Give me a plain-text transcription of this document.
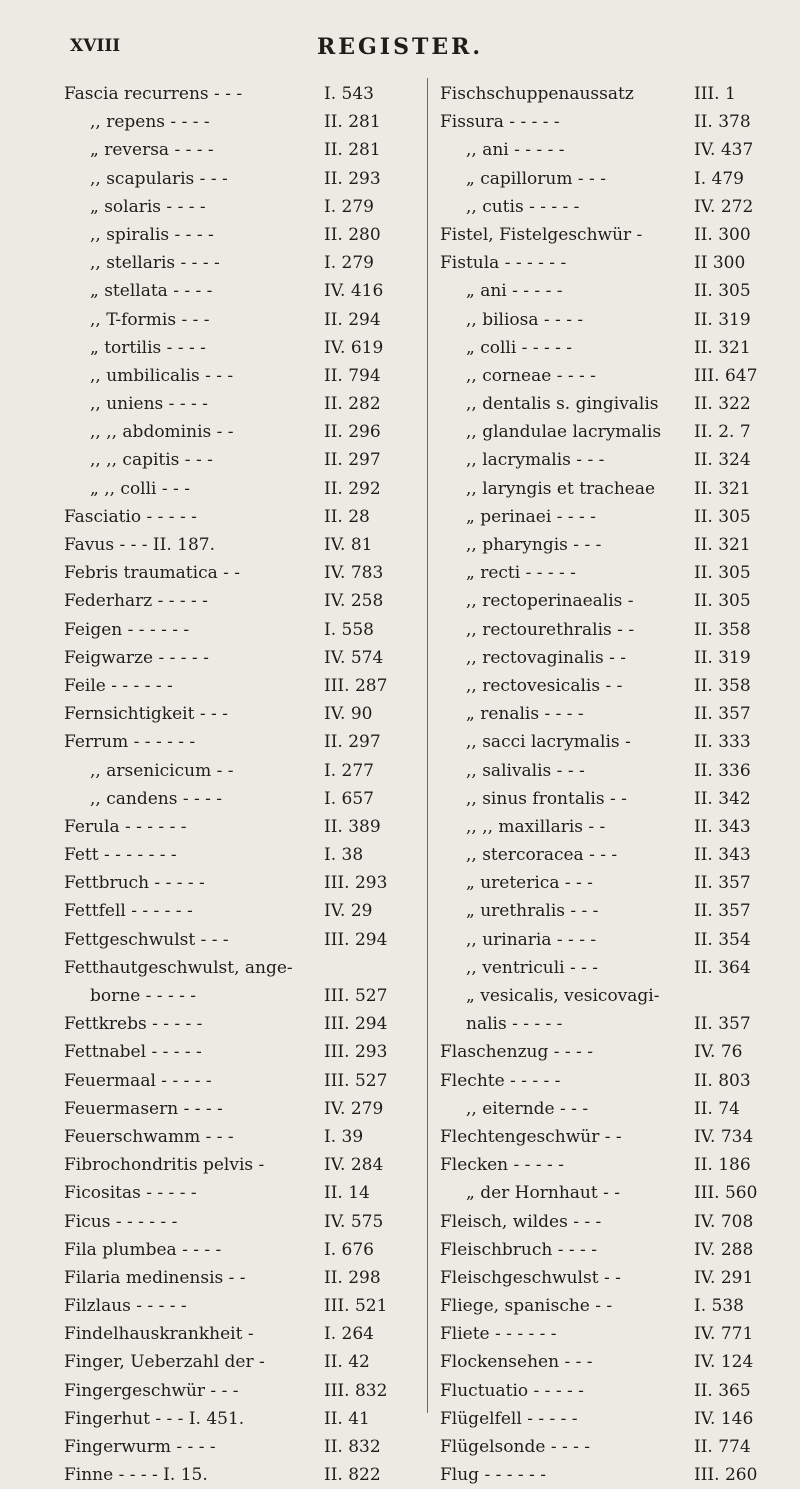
XVIII	REGISTER.
Fascia recurrens - - -	I. 543
,, repens - - - -	II. 281
„ reversa - - - -	II. 281
,, scapularis - - -	II. 293
„ solaris - - - -	I. 279
,, spiralis - - - -	II. 280
,, stellaris - - - -	I. 279
„ stellata - - - -	IV. 416
,, T-formis - - -	II. 294
„ tortilis - - - -	IV. 619
,, umbilicalis - - -	II. 794
,, uniens - - - -	II. 282
,, ,, abdominis - -	II. 296
,, ,, capitis - - -	II. 297
„ ,, colli - - -	II. 292
Fasciatio - - - - -	II. 28
Favus - - - II. 187.	IV. 81
Febris traumatica - -	IV. 783
Federharz - - - - -	IV. 258
Feigen - - - - - -	I. 558
Feigwarze - - - - -	IV. 574
Feile - - - - - -	III. 287
Fernsichtigkeit - - -	IV. 90
Ferrum - - - - - -	II. 297
,, arsenicicum - -	I. 277
,, candens - - - -	I. 657
Ferula - - - - - -	II. 389
Fett - - - - - - -	I. 38
Fettbruch - - - - -	III. 293
Fettfell - - - - - -	IV. 29
Fettgeschwulst - - -	III. 294
Fetthautgeschwulst, ange-
borne - - - - -	III. 527
Fettkrebs - - - - -	III. 294
Fettnabel - - - - -	III. 293
Feuermaal - - - - -	III. 527
Feuermasern - - - -	IV. 279
Feuerschwamm - - -	I. 39
Fibrochondritis pelvis -	IV. 284
Ficositas - - - - -	II. 14
Ficus - - - - - -	IV. 575
Fila plumbea - - - -	I. 676
Filaria medinensis - -	II. 298
Filzlaus - - - - -	III. 521
Findelhauskrankheit -	I. 264
Finger, Ueberzahl der -	II. 42
Fingergeschwür - - -	III. 832
Fingerhut - - - I. 451.	II. 41
Fingerwurm - - - -	II. 832
Finne - - - - I. 15.	II. 822
Fischschuppenaussatz	III. 1
Fissura - - - - -	II. 378
,, ani - - - - -	IV. 437
„ capillorum - - -	I. 479
,, cutis - - - - -	IV. 272
Fistel, Fistelgeschwür -	II. 300
Fistula - - - - - -	II 300
„ ani - - - - -	II. 305
,, biliosa - - - -	II. 319
„ colli - - - - -	II. 321
,, corneae - - - -	III. 647
,, dentalis s. gingivalis II. 322
,, glandulae lacrymalis II. 2. 7
,, lacrymalis - - -	II. 324
,, laryngis et tracheae II. 321
„ perinaei - - - -	II. 305
,, pharyngis - - -	II. 321
„ recti - - - - -	II. 305
,, rectoperinaealis -	II. 305
,, rectourethralis - -	II. 358
,, rectovaginalis - -	II. 319
,, rectovesicalis - -	II. 358
„ renalis - - - -	II. 357
,, sacci lacrymalis -	II. 333
,, salivalis - - -	II. 336
,, sinus frontalis - -	II. 342
,, ,, maxillaris - -	II. 343
,, stercoracea - - -	II. 343
„ ureterica - - -	II. 357
„ urethralis - - -	II. 357
,, urinaria - - - -	II. 354
,, ventriculi - - -	II. 364
„ vesicalis, vesicovagi-
nalis - - - - -	II. 357
Flaschenzug - - - -	IV. 76
Flechte - - - - -	II. 803
,, eiternde - - -	II. 74
Flechtengeschwür - -	IV. 734
Flecken - - - - -	II. 186
„ der Hornhaut - -	III. 560
Fleisch, wildes - - -	IV. 708
Fleischbruch - - - -	IV. 288
Fleischgeschwulst - -	IV. 291
Fliege, spanische - -	I. 538
Fliete - - - - - -	IV. 771
Flockensehen - - -	IV. 124
Fluctuatio - - - - -	II. 365
Flügelfell - - - - -	IV. 146
Flügelsonde - - - -	II. 774
Flug - - - - - -	III. 260
